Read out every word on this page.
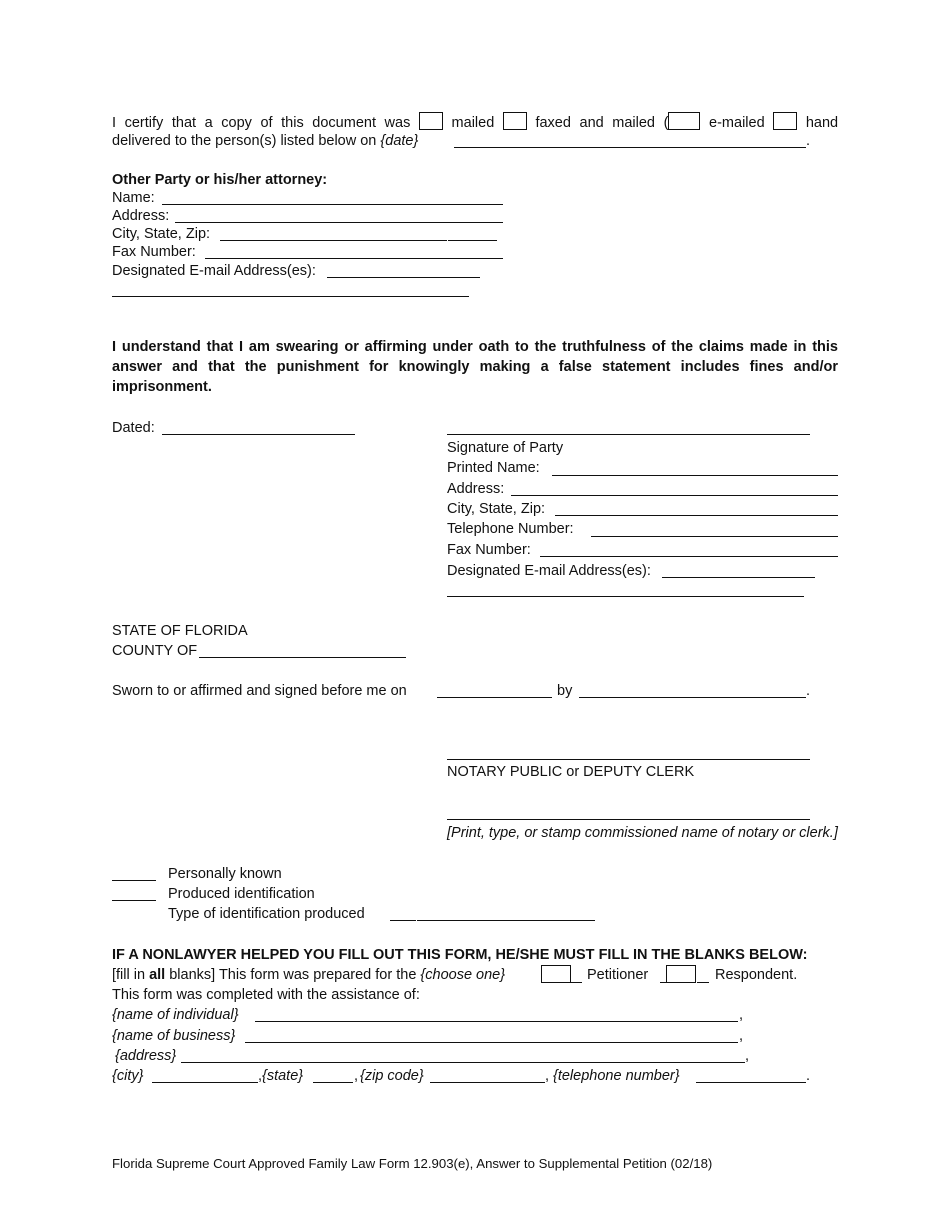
I certify that a copy of this document was	mailed	faxed and mailed (	e-mailed	hand
delivered to the person(s) listed below on {date}	.
Other Party or his/her attorney:
Name:
Address:
City, State, Zip:
Fax Number:
Designated E-mail Address(es):
I understand that I am swearing or affirming under oath to the truthfulness of the claims made in this answer and that the punishment for knowingly making a false statement includes fines and/or imprisonment.
Dated:
Signature of Party
Printed Name:
Address:
City, State, Zip:
Telephone Number:
Fax Number:
Designated E-mail Address(es):
STATE OF FLORIDA
COUNTY OF
Sworn to or affirmed and signed before me on	by	.
NOTARY PUBLIC or DEPUTY CLERK
[Print, type, or stamp commissioned name of notary or clerk.]
Personally known
Produced identification
Type of identification produced
IF A NONLAWYER HELPED YOU FILL OUT THIS FORM, HE/SHE MUST FILL IN THE BLANKS BELOW:
[fill in all blanks] This form was prepared for the {choose one}	Petitioner	Respondent.
This form was completed with the assistance of:
{name of individual}	,
{name of business}	,
{address}	,
{city}	, {state}	, {zip code}	, {telephone number}	.
Florida Supreme Court Approved Family Law Form 12.903(e), Answer to Supplemental Petition (02/18)
